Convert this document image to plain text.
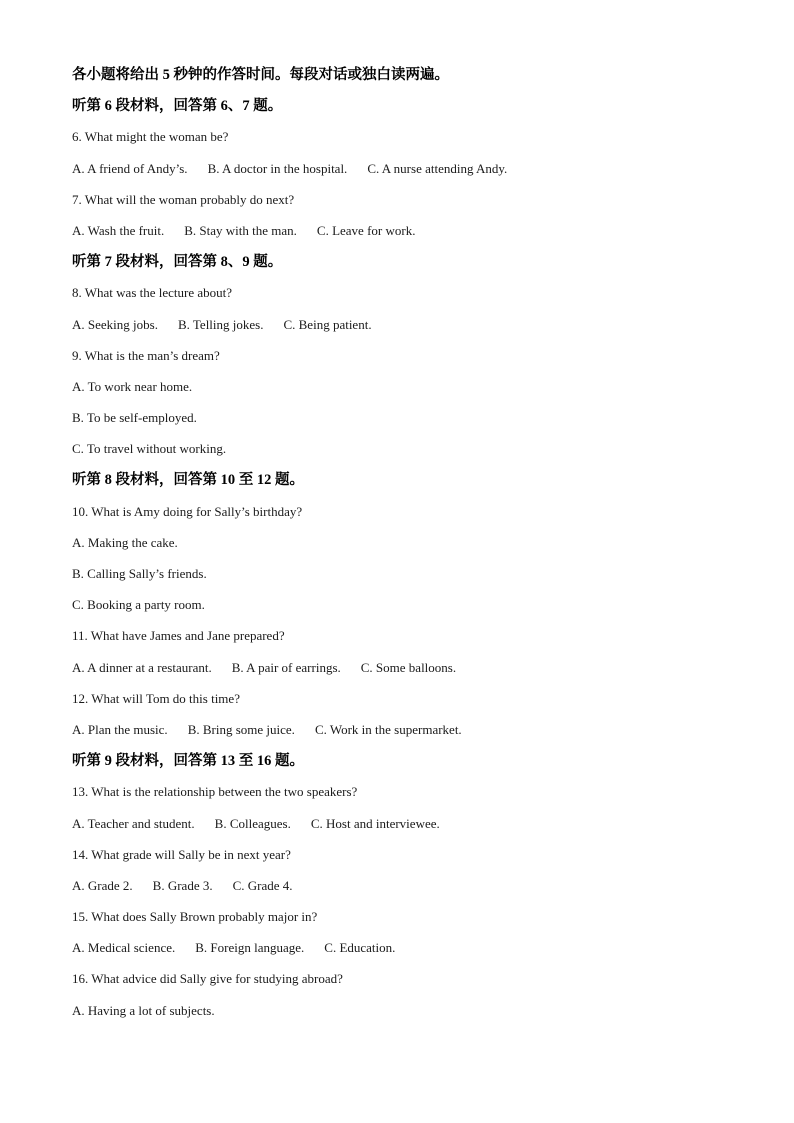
各小题将给出 5 秒钟的作答时间。每段对话或独白读两遍。
听第 6 段材料，回答第 6、7 题。
6. What might the woman be?
A. A friend of Andy’s. B. A doctor in the hospital. C. A nurse attending Andy.
7. What will the woman probably do next?
A. Wash the fruit. B. Stay with the man. C. Leave for work.
听第 7 段材料，回答第 8、9 题。
8. What was the lecture about?
A. Seeking jobs. B. Telling jokes. C. Being patient.
9. What is the man’s dream?
A. To work near home.
B. To be self-employed.
C. To travel without working.
听第 8 段材料，回答第 10 至 12 题。
10. What is Amy doing for Sally’s birthday?
A. Making the cake.
B. Calling Sally’s friends.
C. Booking a party room.
11. What have James and Jane prepared?
A. A dinner at a restaurant. B. A pair of earrings. C. Some balloons.
12. What will Tom do this time?
A. Plan the music. B. Bring some juice. C. Work in the supermarket.
听第 9 段材料，回答第 13 至 16 题。
13. What is the relationship between the two speakers?
A. Teacher and student. B. Colleagues. C. Host and interviewee.
14. What grade will Sally be in next year?
A. Grade 2. B. Grade 3. C. Grade 4.
15. What does Sally Brown probably major in?
A. Medical science. B. Foreign language. C. Education.
16. What advice did Sally give for studying abroad?
A. Having a lot of subjects.
